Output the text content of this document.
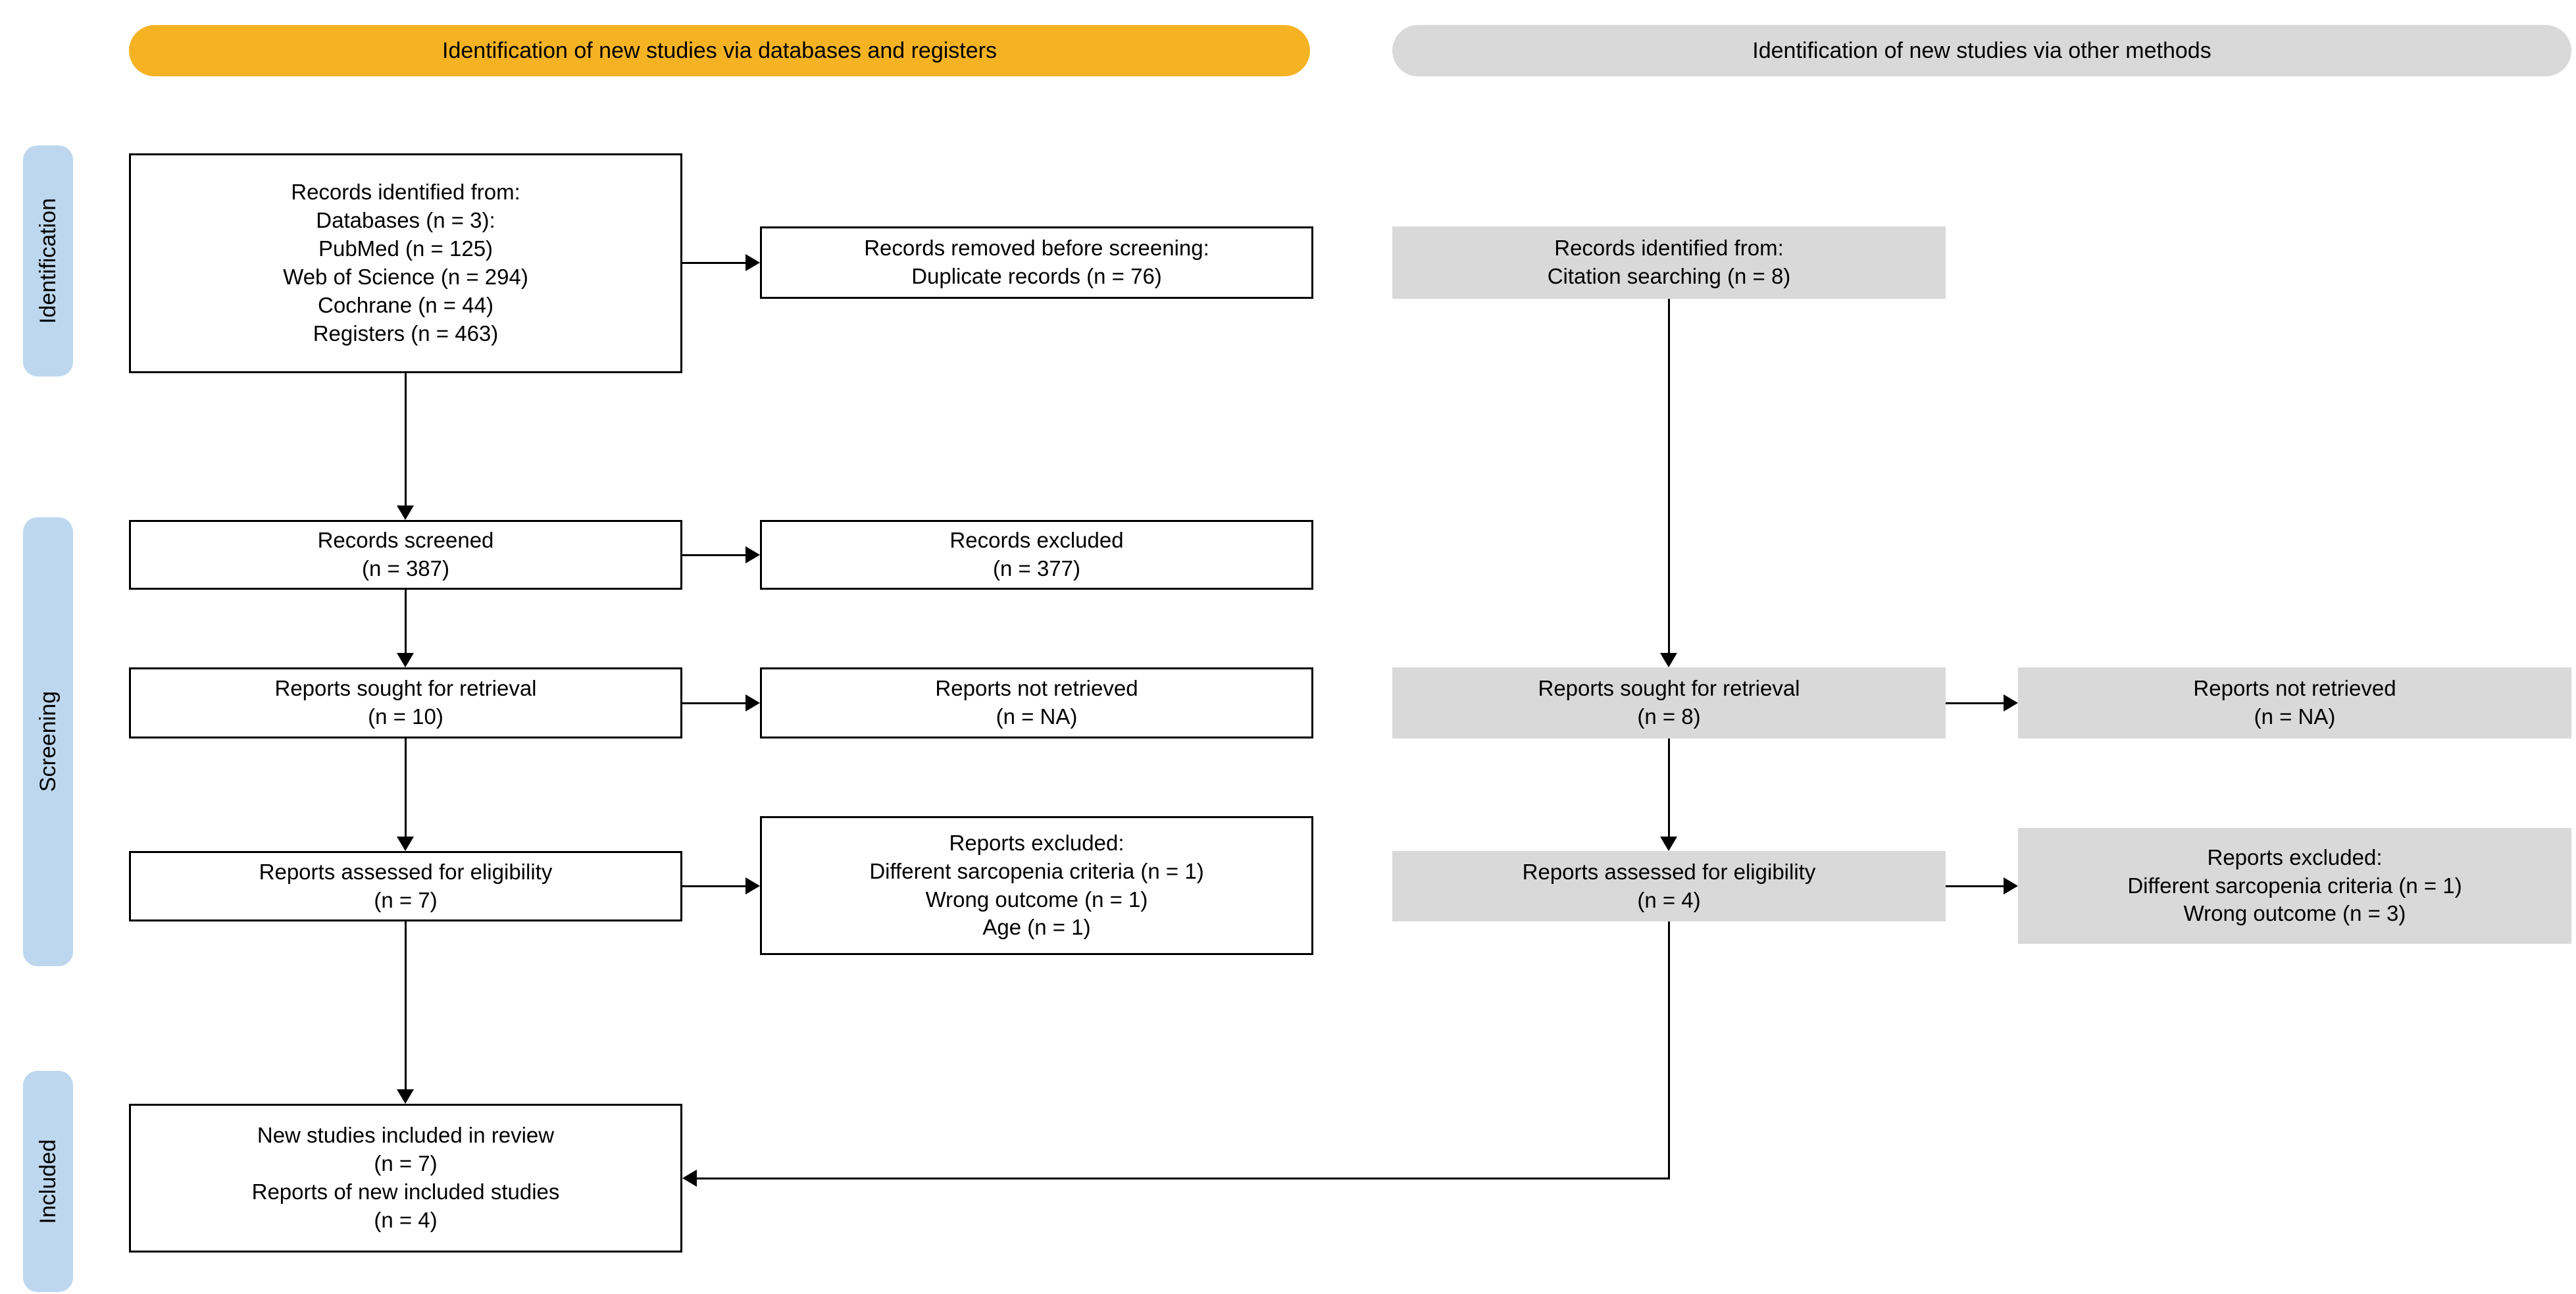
Identification of new studies via databases and registers	Identification of new studies via other methods
Identification
Screening
Included
Records identified from:
Databases (n = 3):
PubMed (n = 125)
Web of Science (n = 294)
Cochrane (n = 44)
Registers (n = 463)
Records removed before screening:
Duplicate records (n = 76)
Records screened
(n = 387)
Records excluded
(n = 377)
Reports sought for retrieval
(n = 10)
Reports not retrieved
(n = NA)
Reports assessed for eligibility
(n = 7)
Reports excluded:
Different sarcopenia criteria (n = 1)
Wrong outcome (n = 1)
Age (n = 1)
New studies included in review
(n = 7)
Reports of new included studies
(n = 4)
Records identified from:
Citation searching (n = 8)
Reports sought for retrieval
(n = 8)
Reports not retrieved
(n = NA)
Reports assessed for eligibility
(n = 4)
Reports excluded:
Different sarcopenia criteria (n = 1)
Wrong outcome (n = 3)
